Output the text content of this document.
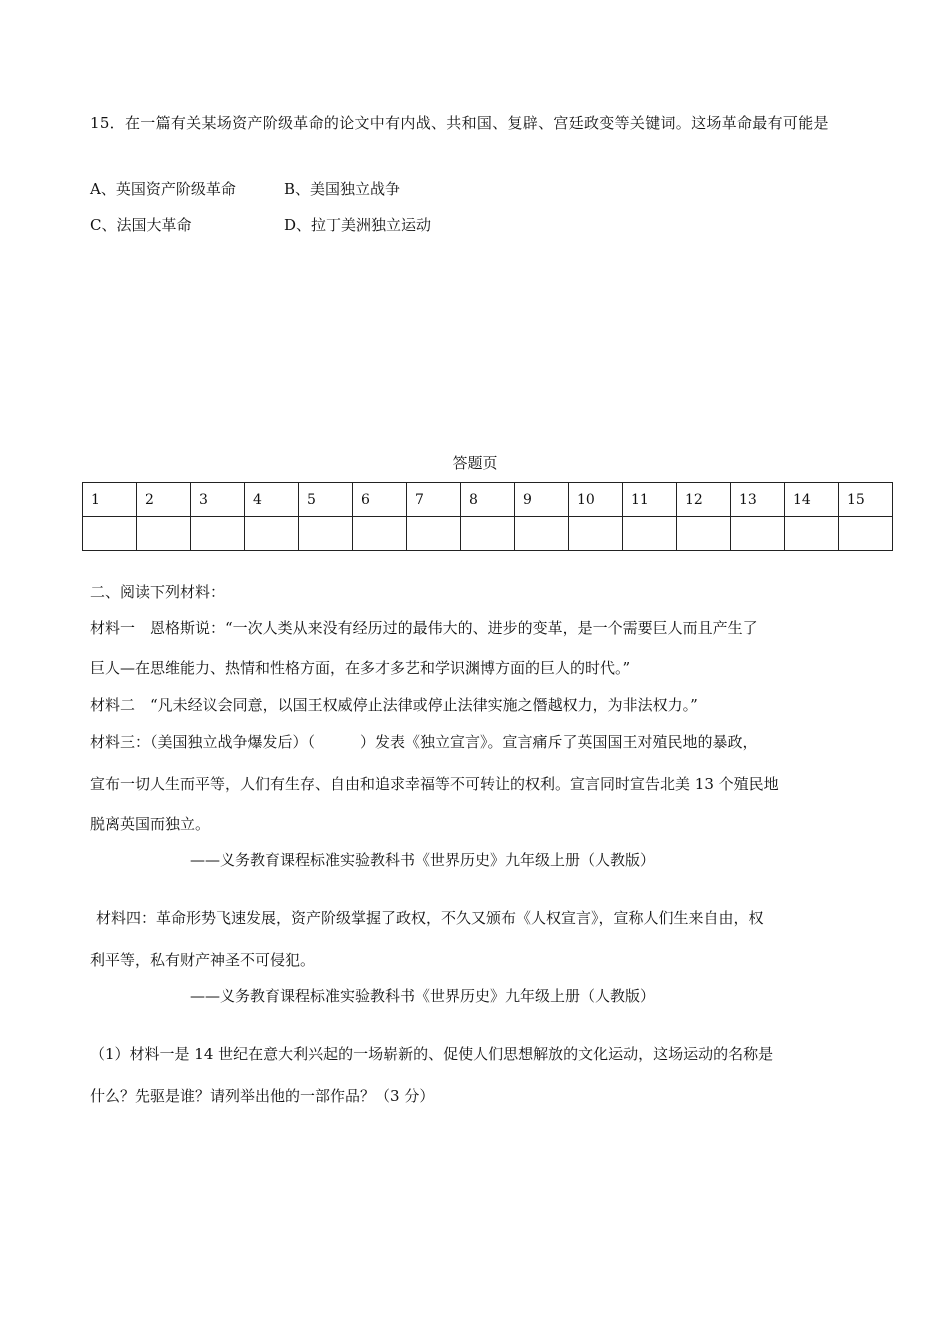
15．在一篇有关某场资产阶级革命的论文中有内战、共和国、复辟、宫廷政变等关键词。这场革命最有可能是
A、英国资产阶级革命	B、美国独立战争
C、法国大革命	D、拉丁美洲独立运动
答题页
1	2	3	4	5	6	7	8	9	10	11	12	13	14	15

二、阅读下列材料：
材料一　恩格斯说：“一次人类从来没有经历过的最伟大的、进步的变革，是一个需要巨人而且产生了
巨人—在思维能力、热情和性格方面，在多才多艺和学识渊博方面的巨人的时代。”
材料二　“凡未经议会同意，以国王权威停止法律或停止法律实施之僭越权力，为非法权力。”
材料三：（美国独立战争爆发后）（　　　）发表《独立宣言》。宣言痛斥了英国国王对殖民地的暴政，
宣布一切人生而平等，人们有生存、自由和追求幸福等不可转让的权利。宣言同时宣告北美 13 个殖民地
脱离英国而独立。
——义务教育课程标准实验教科书《世界历史》九年级上册（人教版）
材料四：革命形势飞速发展，资产阶级掌握了政权，不久又颁布《人权宣言》，宣称人们生来自由，权
利平等，私有财产神圣不可侵犯。
——义务教育课程标准实验教科书《世界历史》九年级上册（人教版）
（1）材料一是 14 世纪在意大利兴起的一场崭新的、促使人们思想解放的文化运动，这场运动的名称是
什么？先驱是谁？请列举出他的一部作品？（3 分）
